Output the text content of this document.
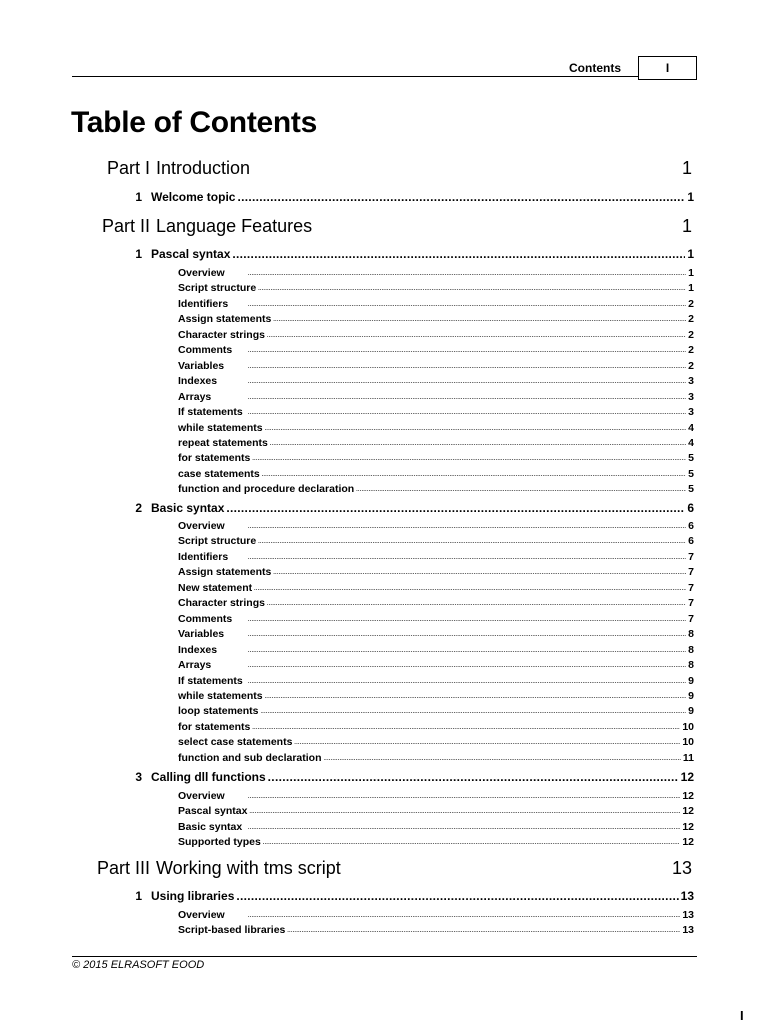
Contents	I
Table of Contents
Part I Introduction	1
1 Welcome topic .....	1
Part II Language Features	1
1 Pascal syntax .....	1
Overview .....	1
Script structure .....	1
Identifiers .....	2
Assign statements .....	2
Character strings .....	2
Comments .....	2
Variables .....	2
Indexes .....	3
Arrays .....	3
If statements .....	3
while statements .....	4
repeat statements .....	4
for statements .....	5
case statements .....	5
function and procedure declaration .....	5
2 Basic syntax .....	6
Overview .....	6
Script structure .....	6
Identifiers .....	7
Assign statements .....	7
New statement .....	7
Character strings .....	7
Comments .....	7
Variables .....	8
Indexes .....	8
Arrays .....	8
If statements .....	9
while statements .....	9
loop statements .....	9
for statements .....	10
select case statements .....	10
function and sub declaration .....	11
3 Calling dll functions .....	12
Overview .....	12
Pascal syntax .....	12
Basic syntax .....	12
Supported types .....	12
Part III Working with tms script	13
1 Using libraries .....	13
Overview .....	13
Script-based libraries .....	13
© 2015 ELRASOFT EOOD
I
